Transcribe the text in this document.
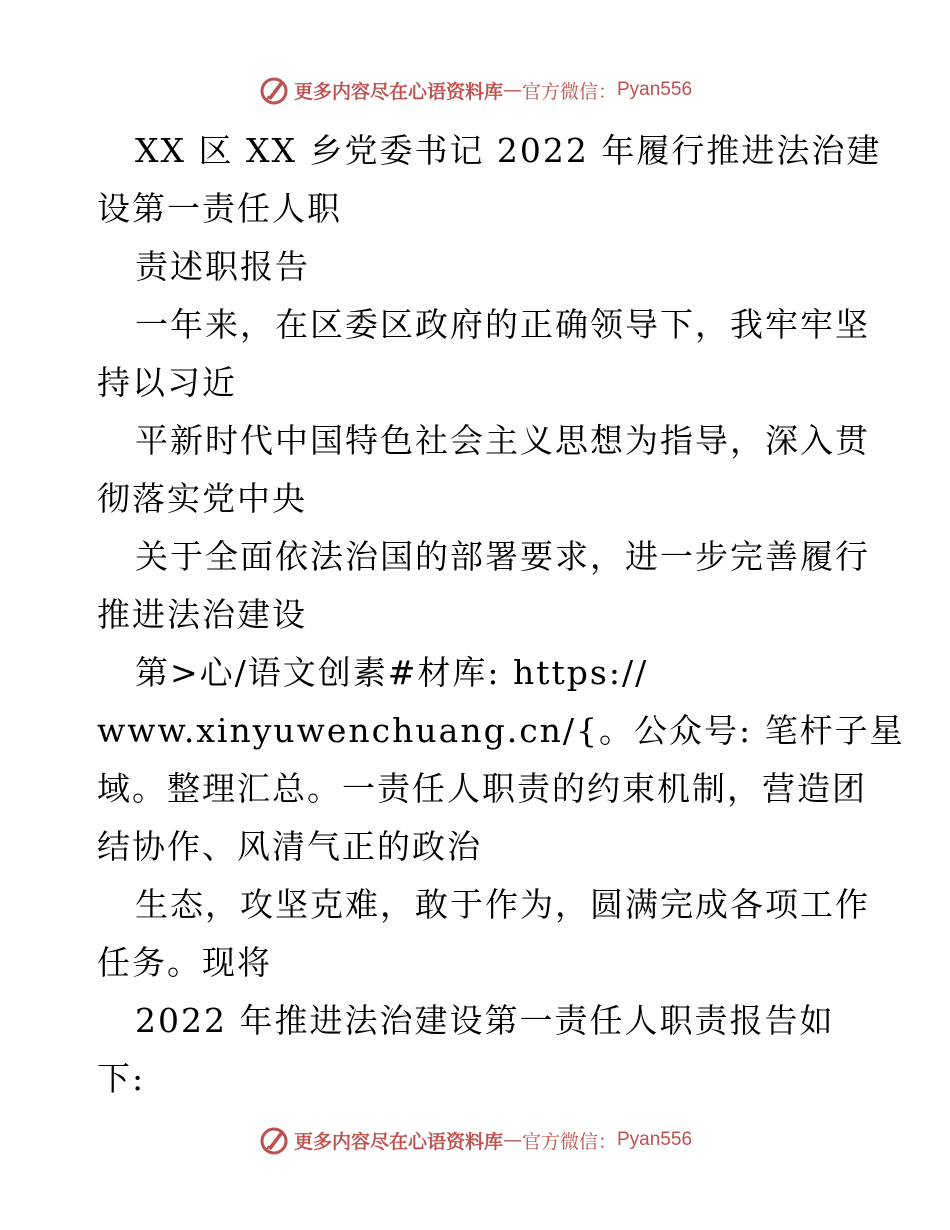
更多内容尽在心语资料库 — 官方微信： Pyan556
XX 区 XX 乡党委书记 2022 年履行推进法治建
设第一责任人职
责述职报告
一年来，在区委区政府的正确领导下，我牢牢坚
持以习近
平新时代中国特色社会主义思想为指导，深入贯
彻落实党中央
关于全面依法治国的部署要求，进一步完善履行
推进法治建设
第>心/语文创素#材库: https://
www.xinyuwenchuang.cn/{。公众号: 笔杆子星
域。整理汇总。一责任人职责的约束机制，营造团
结协作、风清气正的政治
生态，攻坚克难，敢于作为，圆满完成各项工作
任务。现将
2022 年推进法治建设第一责任人职责报告如
下:
更多内容尽在心语资料库 — 官方微信： Pyan556
